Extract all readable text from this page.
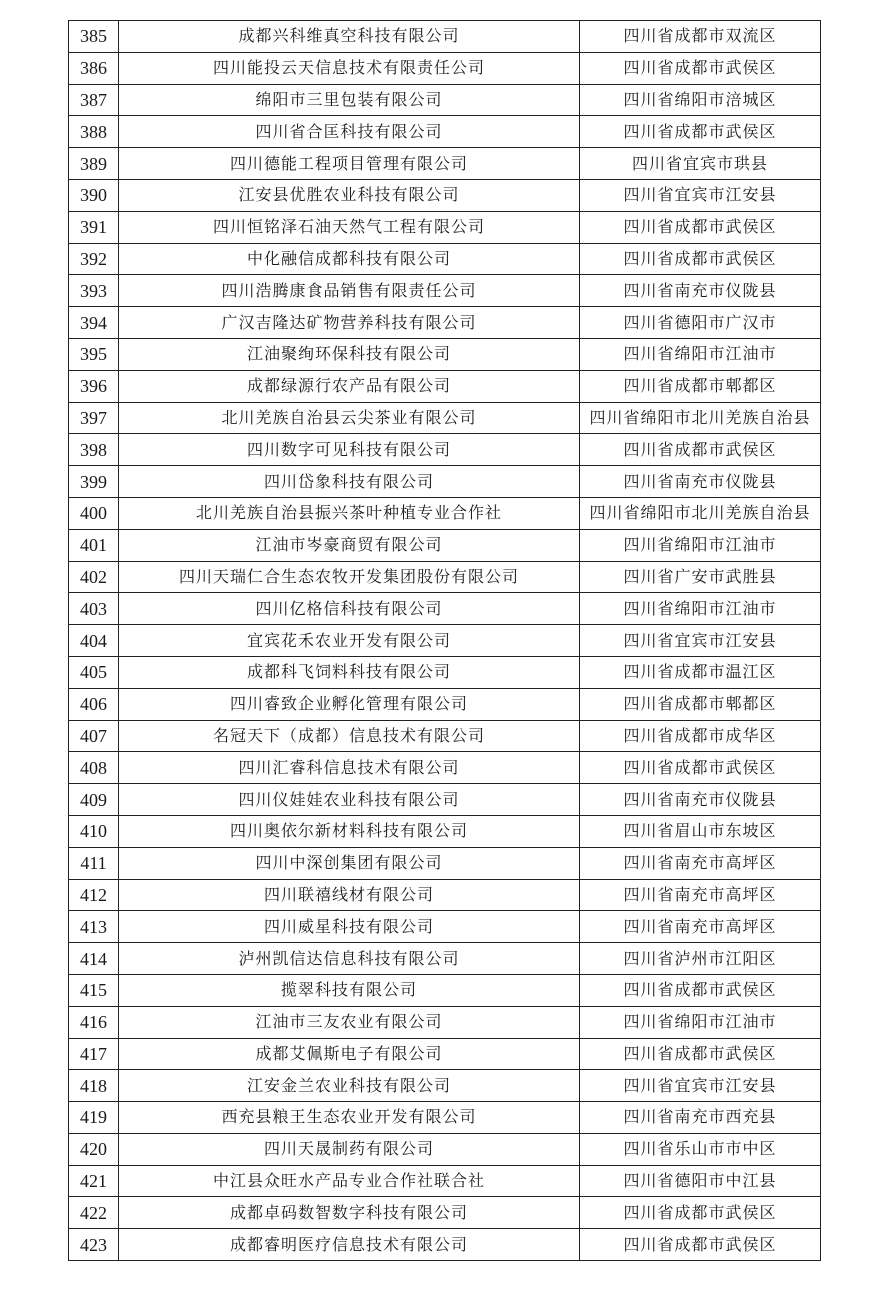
385	成都兴科维真空科技有限公司	四川省成都市双流区
386	四川能投云天信息技术有限责任公司	四川省成都市武侯区
387	绵阳市三里包装有限公司	四川省绵阳市涪城区
388	四川省合匡科技有限公司	四川省成都市武侯区
389	四川德能工程项目管理有限公司	四川省宜宾市珙县
390	江安县优胜农业科技有限公司	四川省宜宾市江安县
391	四川恒铭泽石油天然气工程有限公司	四川省成都市武侯区
392	中化融信成都科技有限公司	四川省成都市武侯区
393	四川浩腾康食品销售有限责任公司	四川省南充市仪陇县
394	广汉吉隆达矿物营养科技有限公司	四川省德阳市广汉市
395	江油聚绚环保科技有限公司	四川省绵阳市江油市
396	成都绿源行农产品有限公司	四川省成都市郫都区
397	北川羌族自治县云尖茶业有限公司	四川省绵阳市北川羌族自治县
398	四川数字可见科技有限公司	四川省成都市武侯区
399	四川岱象科技有限公司	四川省南充市仪陇县
400	北川羌族自治县振兴茶叶种植专业合作社	四川省绵阳市北川羌族自治县
401	江油市岑豪商贸有限公司	四川省绵阳市江油市
402	四川天瑞仁合生态农牧开发集团股份有限公司	四川省广安市武胜县
403	四川亿格信科技有限公司	四川省绵阳市江油市
404	宜宾花禾农业开发有限公司	四川省宜宾市江安县
405	成都科飞饲料科技有限公司	四川省成都市温江区
406	四川睿致企业孵化管理有限公司	四川省成都市郫都区
407	名冠天下（成都）信息技术有限公司	四川省成都市成华区
408	四川汇睿科信息技术有限公司	四川省成都市武侯区
409	四川仪娃娃农业科技有限公司	四川省南充市仪陇县
410	四川奥依尔新材料科技有限公司	四川省眉山市东坡区
411	四川中深创集团有限公司	四川省南充市高坪区
412	四川联禧线材有限公司	四川省南充市高坪区
413	四川威星科技有限公司	四川省南充市高坪区
414	泸州凯信达信息科技有限公司	四川省泸州市江阳区
415	揽翠科技有限公司	四川省成都市武侯区
416	江油市三友农业有限公司	四川省绵阳市江油市
417	成都艾佩斯电子有限公司	四川省成都市武侯区
418	江安金兰农业科技有限公司	四川省宜宾市江安县
419	西充县粮王生态农业开发有限公司	四川省南充市西充县
420	四川天晟制药有限公司	四川省乐山市市中区
421	中江县众旺水产品专业合作社联合社	四川省德阳市中江县
422	成都卓码数智数字科技有限公司	四川省成都市武侯区
423	成都睿明医疗信息技术有限公司	四川省成都市武侯区
